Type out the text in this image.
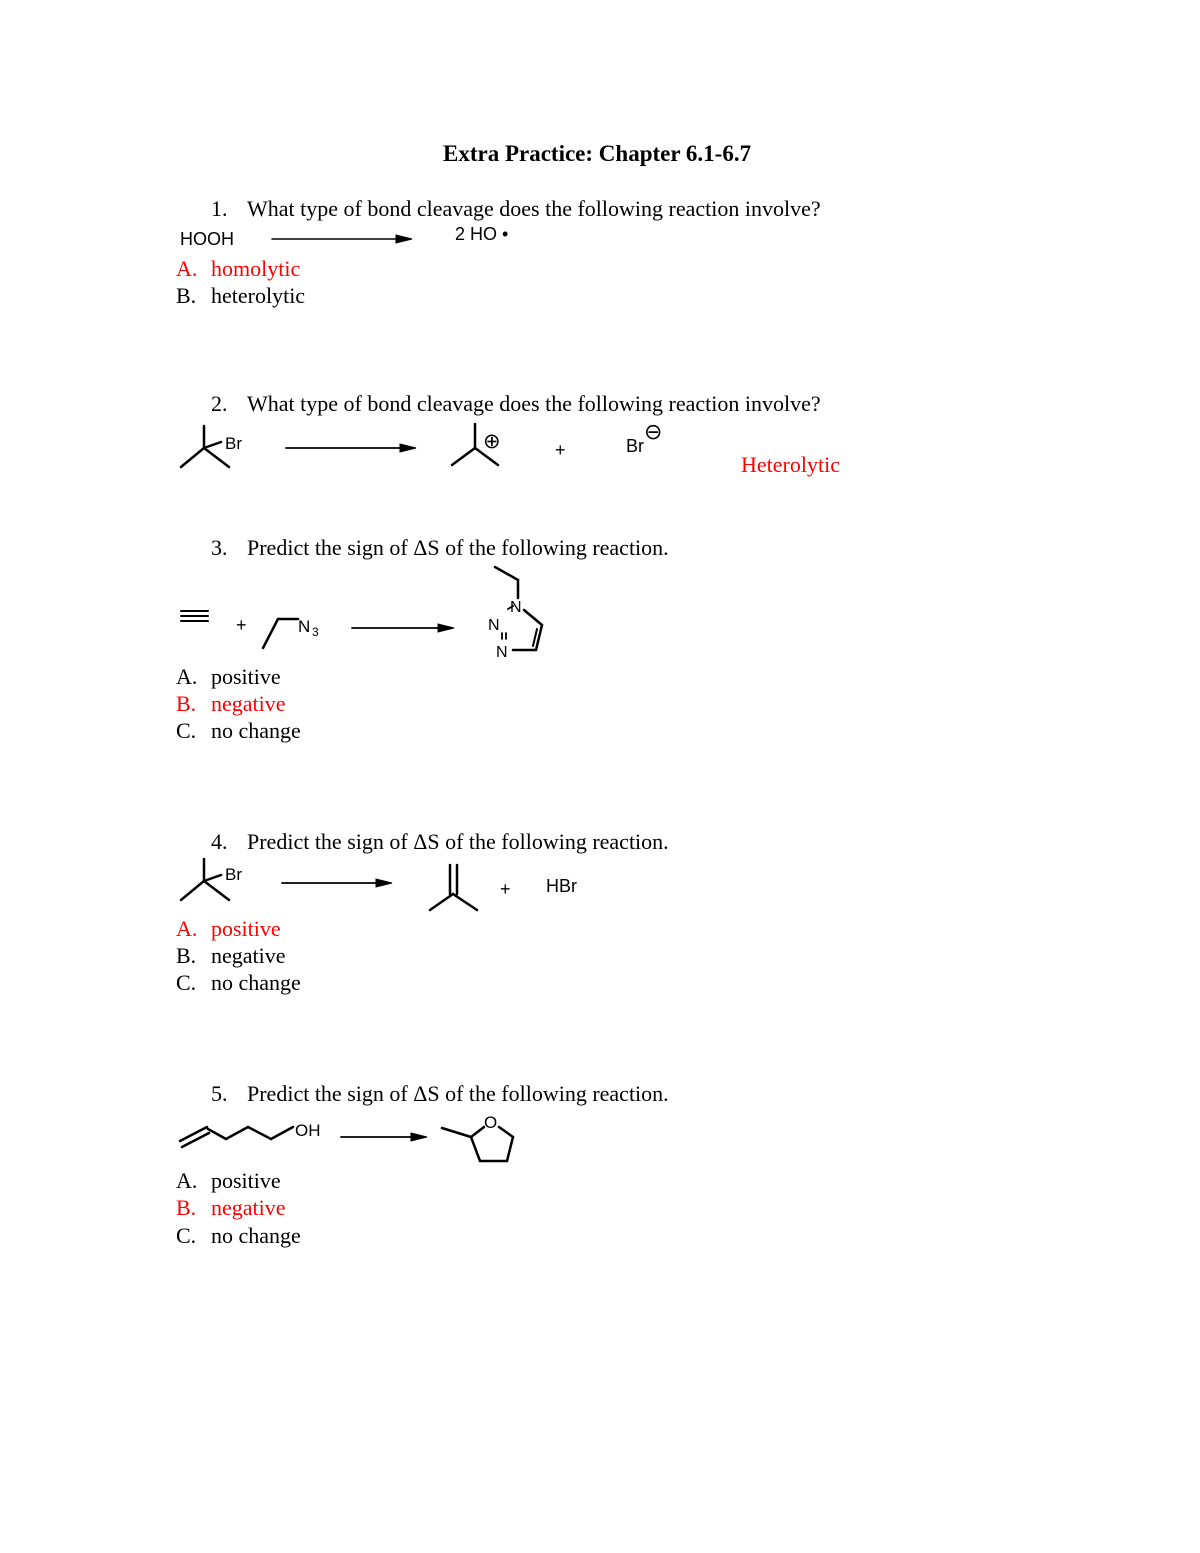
Extra Practice: Chapter 6.1-6.7
1. What type of bond cleavage does the following reaction involve?
HOOH	2 HO •
A. homolytic
B. heterolytic
2. What type of bond cleavage does the following reaction involve?
Br	⊕	+	Br
⊖
Heterolytic
3. Predict the sign of ΔS of the following reaction.
+	N 3
N
N
N
A. positive
B. negative
C. no change
4. Predict the sign of ΔS of the following reaction.
Br
+ HBr
A. positive
B. negative
C. no change
5. Predict the sign of ΔS of the following reaction.
OH	O
A. positive
B. negative
C. no change
